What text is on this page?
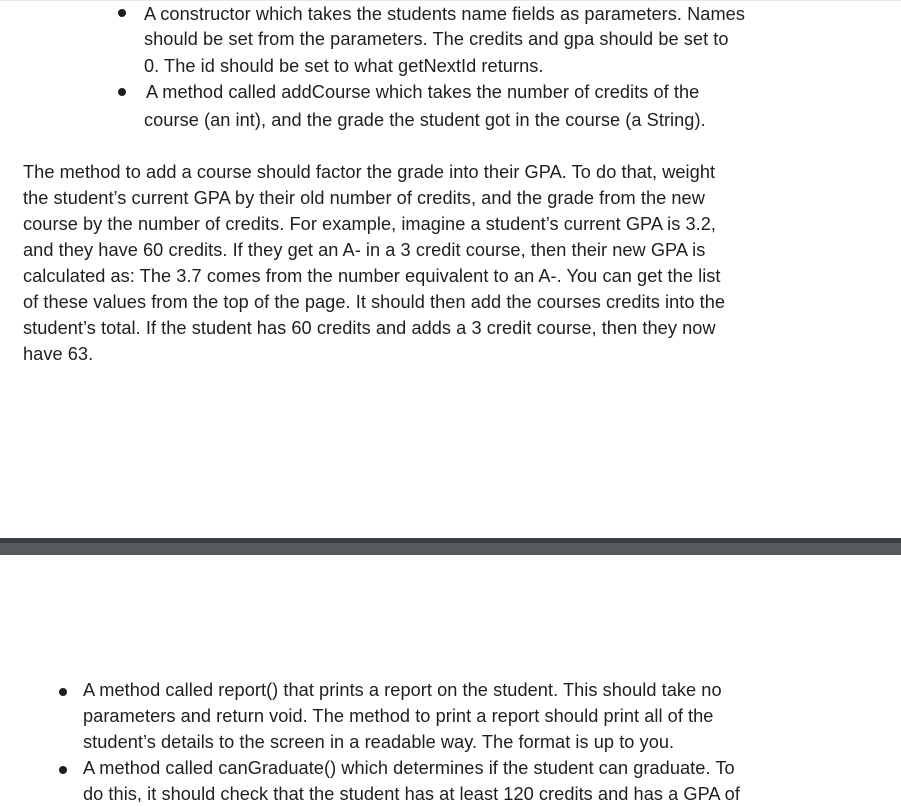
A constructor which takes the students name fields as parameters. Names
should be set from the parameters. The credits and gpa should be set to
0. The id should be set to what getNextId returns.
A method called addCourse which takes the number of credits of the
course (an int), and the grade the student got in the course (a String).
The method to add a course should factor the grade into their GPA. To do that, weight
the student’s current GPA by their old number of credits, and the grade from the new
course by the number of credits. For example, imagine a student’s current GPA is 3.2,
and they have 60 credits. If they get an A- in a 3 credit course, then their new GPA is
calculated as: The 3.7 comes from the number equivalent to an A-. You can get the list
of these values from the top of the page. It should then add the courses credits into the
student’s total. If the student has 60 credits and adds a 3 credit course, then they now
have 63.
A method called report() that prints a report on the student. This should take no
parameters and return void. The method to print a report should print all of the
student’s details to the screen in a readable way. The format is up to you.
A method called canGraduate() which determines if the student can graduate. To
do this, it should check that the student has at least 120 credits and has a GPA of
